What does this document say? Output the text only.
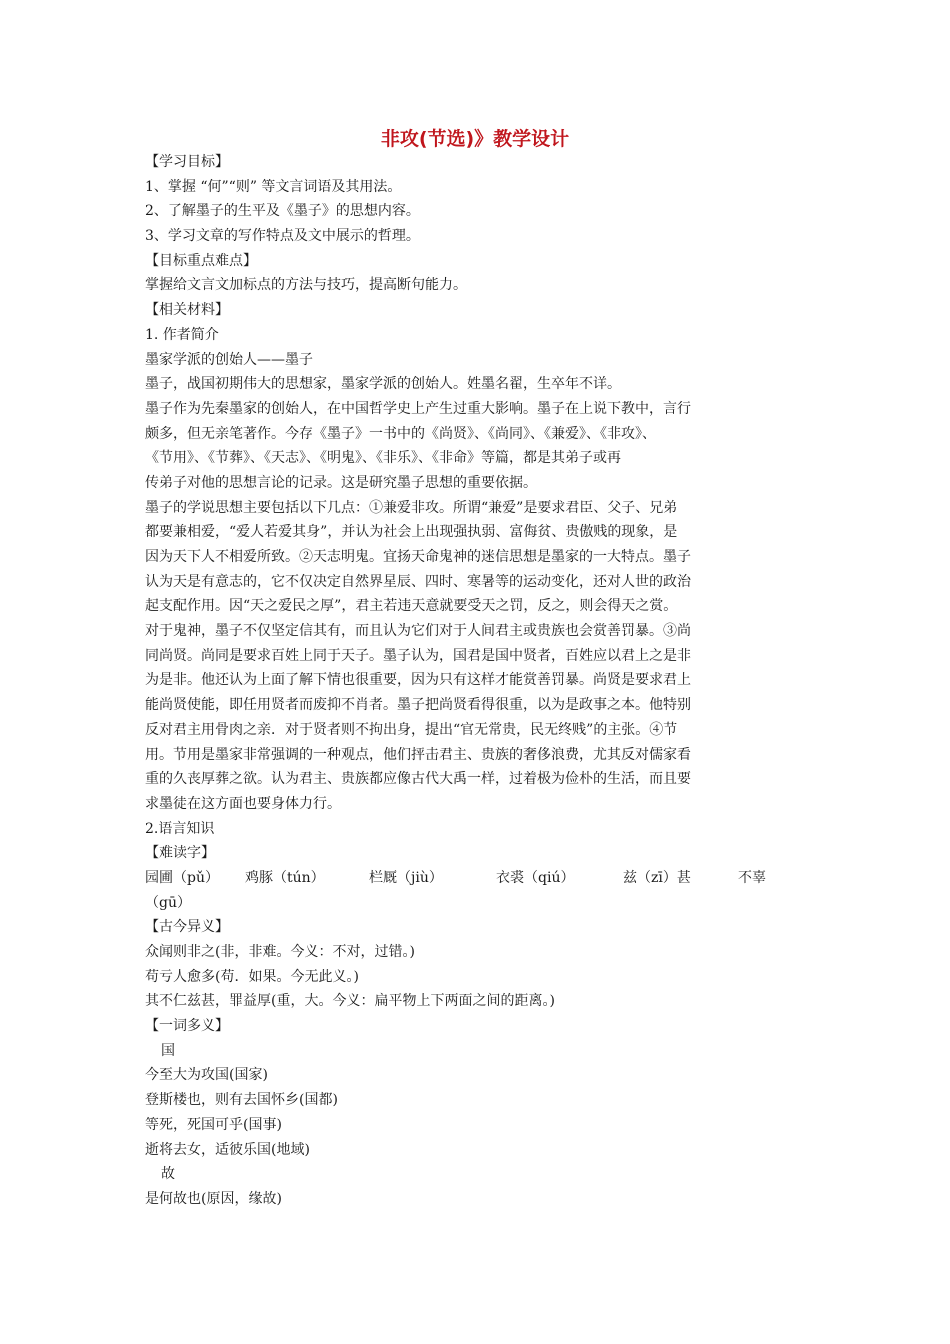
非攻(节选)》教学设计
【学习目标】
1、掌握 “何”“则” 等文言词语及其用法。
2、了解墨子的生平及《墨子》的思想内容。
3、学习文章的写作特点及文中展示的哲理。
【目标重点难点】
掌握给文言文加标点的方法与技巧，提高断句能力。
【相关材料】
1. 作者简介
墨家学派的创始人——墨子
墨子，战国初期伟大的思想家，墨家学派的创始人。姓墨名翟，生卒年不详。
墨子作为先秦墨家的创始人，在中国哲学史上产生过重大影响。墨子在上说下教中，言行
颇多，但无亲笔著作。今存《墨子》一书中的《尚贤》、《尚同》、《兼爱》、《非攻》、
《节用》、《节葬》、《天志》、《明鬼》、《非乐》、《非命》等篇，都是其弟子或再
传弟子对他的思想言论的记录。这是研究墨子思想的重要依据。
墨子的学说思想主要包括以下几点：①兼爱非攻。所谓“兼爱”是要求君臣、父子、兄弟
都要兼相爱，“爱人若爱其身”，并认为社会上出现强执弱、富侮贫、贵傲贱的现象，是
因为天下人不相爱所致。②天志明鬼。宜扬天命鬼神的迷信思想是墨家的一大特点。墨子
认为天是有意志的，它不仅决定自然界星辰、四时、寒暑等的运动变化，还对人世的政治
起支配作用。因“天之爱民之厚”，君主若违天意就要受天之罚，反之，则会得天之赏。
对于鬼神，墨子不仅坚定信其有，而且认为它们对于人间君主或贵族也会赏善罚暴。③尚
同尚贤。尚同是要求百姓上同于天子。墨子认为，国君是国中贤者，百姓应以君上之是非
为是非。他还认为上面了解下情也很重要，因为只有这样才能赏善罚暴。尚贤是要求君上
能尚贤使能，即任用贤者而废抑不肖者。墨子把尚贤看得很重，以为是政事之本。他特别
反对君主用骨肉之亲．对于贤者则不拘出身，提出“官无常贵，民无终贱”的主张。④节
用。节用是墨家非常强调的一种观点，他们抨击君主、贵族的奢侈浪费，尤其反对儒家看
重的久丧厚葬之欲。认为君主、贵族都应像古代大禹一样，过着极为俭朴的生活，而且要
求墨徒在这方面也要身体力行。
2.语言知识
【难读字】
园圃（pǔ）	鸡豚（tún）	栏厩（jiù）	衣裘（qiú）	兹（zī）甚	不辜
（gū）
【古今异义】
众闻则非之(非，非难。今义：不对，过错。)
苟亏人愈多(苟．如果。今无此义。)
其不仁兹甚，罪益厚(重，大。今义：扁平物上下两面之间的距离。)
【一词多义】
国
今至大为攻国(国家)
登斯楼也，则有去国怀乡(国都)
等死，死国可乎(国事)
逝将去女，适彼乐国(地域)
故
是何故也(原因，缘故)
